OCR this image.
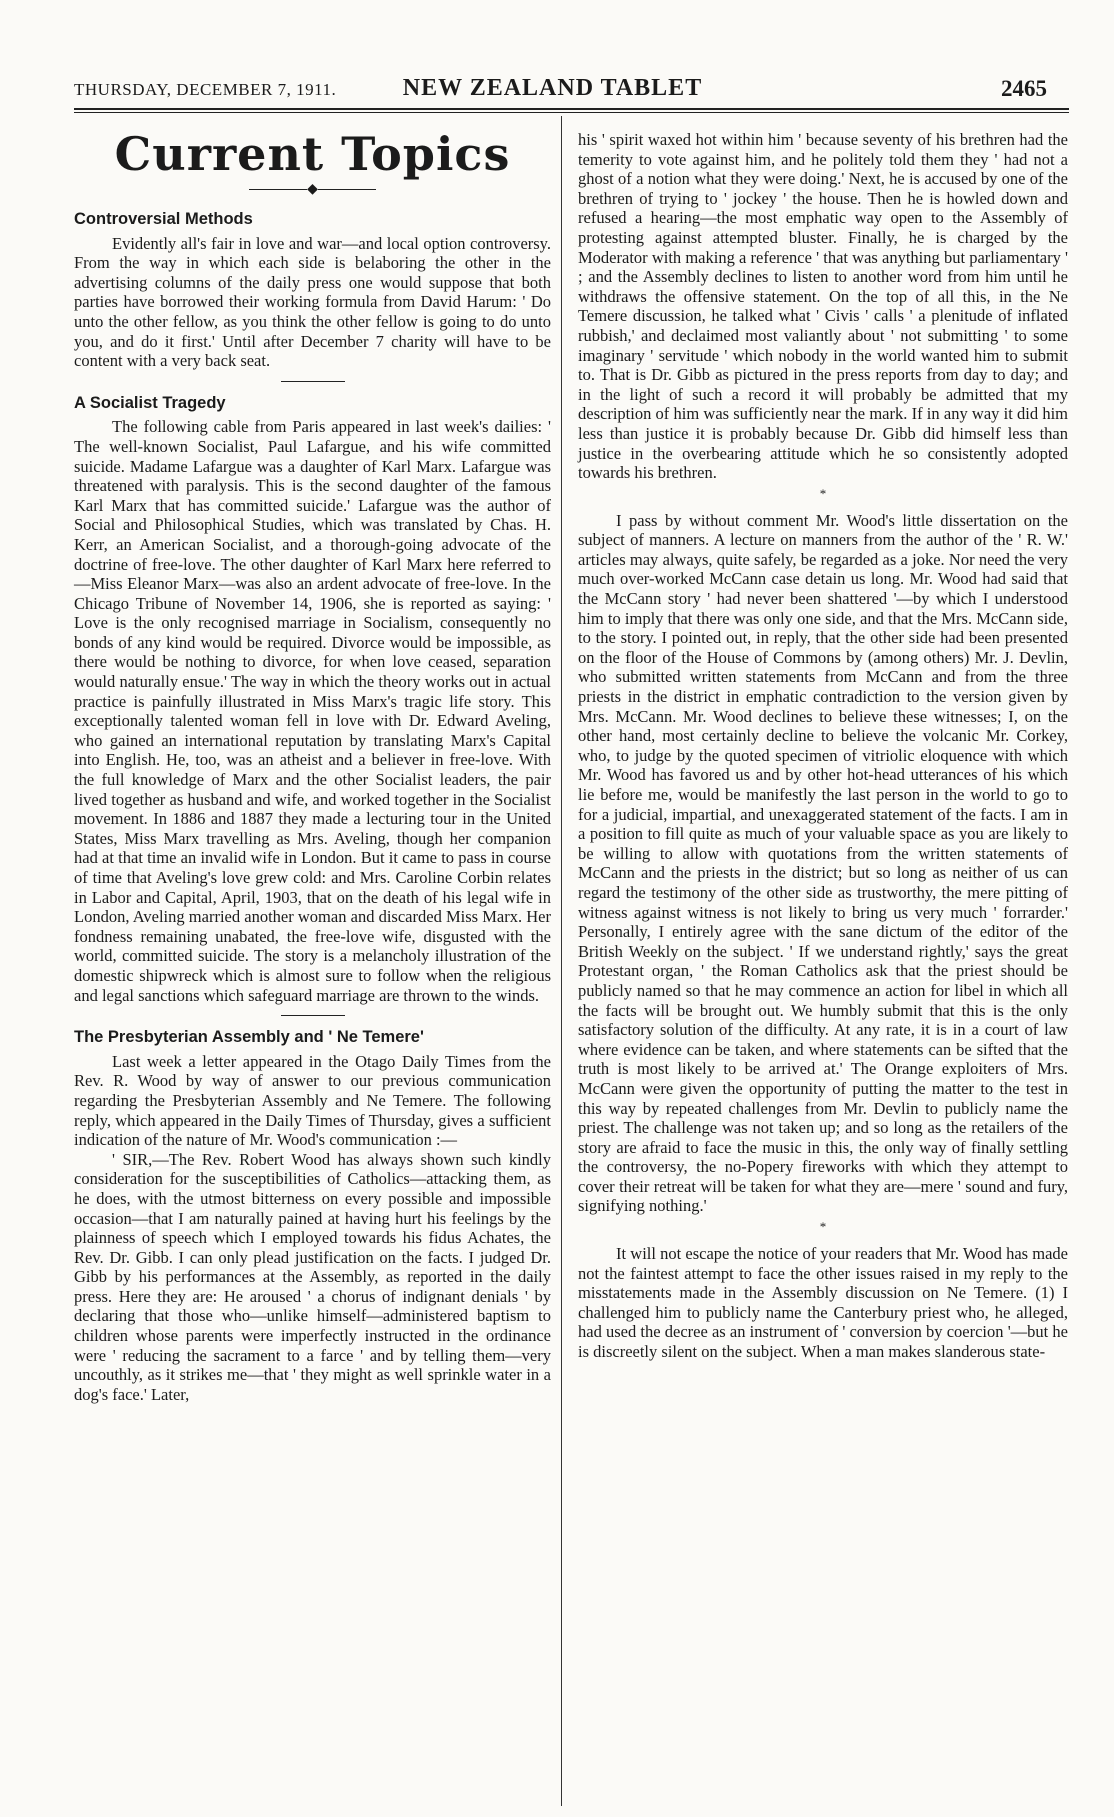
THURSDAY, DECEMBER 7, 1911.	NEW ZEALAND TABLET	2465
Current Topics
◆
Controversial Methods

Evidently all's fair in love and war—and local option controversy. From the way in which each side is belaboring the other in the advertising columns of the daily press one would suppose that both parties have borrowed their working formula from David Harum: ' Do unto the other fellow, as you think the other fellow is going to do unto you, and do it first.' Until after December 7 charity will have to be content with a very back seat.

A Socialist Tragedy

The following cable from Paris appeared in last week's dailies: ' The well-known Socialist, Paul Lafargue, and his wife committed suicide. Madame Lafargue was a daughter of Karl Marx. Lafargue was threatened with paralysis. This is the second daughter of the famous Karl Marx that has committed suicide.' Lafargue was the author of Social and Philosophical Studies, which was translated by Chas. H. Kerr, an American Socialist, and a thorough-going advocate of the doctrine of free-love. The other daughter of Karl Marx here referred to—Miss Eleanor Marx—was also an ardent advocate of free-love. In the Chicago Tribune of November 14, 1906, she is reported as saying: ' Love is the only recognised marriage in Socialism, consequently no bonds of any kind would be required. Divorce would be impossible, as there would be nothing to divorce, for when love ceased, separation would naturally ensue.' The way in which the theory works out in actual practice is painfully illustrated in Miss Marx's tragic life story. This exceptionally talented woman fell in love with Dr. Edward Aveling, who gained an international reputation by translating Marx's Capital into English. He, too, was an atheist and a believer in free-love. With the full knowledge of Marx and the other Socialist leaders, the pair lived together as husband and wife, and worked together in the Socialist movement. In 1886 and 1887 they made a lecturing tour in the United States, Miss Marx travelling as Mrs. Aveling, though her companion had at that time an invalid wife in London. But it came to pass in course of time that Aveling's love grew cold: and Mrs. Caroline Corbin relates in Labor and Capital, April, 1903, that on the death of his legal wife in London, Aveling married another woman and discarded Miss Marx. Her fondness remaining unabated, the free-love wife, disgusted with the world, committed suicide. The story is a melancholy illustration of the domestic shipwreck which is almost sure to follow when the religious and legal sanctions which safeguard marriage are thrown to the winds.

The Presbyterian Assembly and ' Ne Temere'

Last week a letter appeared in the Otago Daily Times from the Rev. R. Wood by way of answer to our previous communication regarding the Presbyterian Assembly and Ne Temere. The following reply, which appeared in the Daily Times of Thursday, gives a sufficient indication of the nature of Mr. Wood's communication :—

' SIR,—The Rev. Robert Wood has always shown such kindly consideration for the susceptibilities of Catholics—attacking them, as he does, with the utmost bitterness on every possible and impossible occasion—that I am naturally pained at having hurt his feelings by the plainness of speech which I employed towards his fidus Achates, the Rev. Dr. Gibb. I can only plead justification on the facts. I judged Dr. Gibb by his performances at the Assembly, as reported in the daily press. Here they are: He aroused ' a chorus of indignant denials ' by declaring that those who—unlike himself—administered baptism to children whose parents were imperfectly instructed in the ordinance were ' reducing the sacrament to a farce ' and by telling them—very uncouthly, as it strikes me—that ' they might as well sprinkle water in a dog's face.' Later,

his ' spirit waxed hot within him ' because seventy of his brethren had the temerity to vote against him, and he politely told them they ' had not a ghost of a notion what they were doing.' Next, he is accused by one of the brethren of trying to ' jockey ' the house. Then he is howled down and refused a hearing—the most emphatic way open to the Assembly of protesting against attempted bluster. Finally, he is charged by the Moderator with making a reference ' that was anything but parliamentary ' ; and the Assembly declines to listen to another word from him until he withdraws the offensive statement. On the top of all this, in the Ne Temere discussion, he talked what ' Civis ' calls ' a plenitude of inflated rubbish,' and declaimed most valiantly about ' not submitting ' to some imaginary ' servitude ' which nobody in the world wanted him to submit to. That is Dr. Gibb as pictured in the press reports from day to day; and in the light of such a record it will probably be admitted that my description of him was sufficiently near the mark. If in any way it did him less than justice it is probably because Dr. Gibb did himself less than justice in the overbearing attitude which he so consistently adopted towards his brethren.

*

I pass by without comment Mr. Wood's little dissertation on the subject of manners. A lecture on manners from the author of the ' R. W.' articles may always, quite safely, be regarded as a joke. Nor need the very much over-worked McCann case detain us long. Mr. Wood had said that the McCann story ' had never been shattered '—by which I understood him to imply that there was only one side, and that the Mrs. McCann side, to the story. I pointed out, in reply, that the other side had been presented on the floor of the House of Commons by (among others) Mr. J. Devlin, who submitted written statements from McCann and from the three priests in the district in emphatic contradiction to the version given by Mrs. McCann. Mr. Wood declines to believe these witnesses; I, on the other hand, most certainly decline to believe the volcanic Mr. Corkey, who, to judge by the quoted specimen of vitriolic eloquence with which Mr. Wood has favored us and by other hot-head utterances of his which lie before me, would be manifestly the last person in the world to go to for a judicial, impartial, and unexaggerated statement of the facts. I am in a position to fill quite as much of your valuable space as you are likely to be willing to allow with quotations from the written statements of McCann and the priests in the district; but so long as neither of us can regard the testimony of the other side as trustworthy, the mere pitting of witness against witness is not likely to bring us very much ' forrarder.' Personally, I entirely agree with the sane dictum of the editor of the British Weekly on the subject. ' If we understand rightly,' says the great Protestant organ, ' the Roman Catholics ask that the priest should be publicly named so that he may commence an action for libel in which all the facts will be brought out. We humbly submit that this is the only satisfactory solution of the difficulty. At any rate, it is in a court of law where evidence can be taken, and where statements can be sifted that the truth is most likely to be arrived at.' The Orange exploiters of Mrs. McCann were given the opportunity of putting the matter to the test in this way by repeated challenges from Mr. Devlin to publicly name the priest. The challenge was not taken up; and so long as the retailers of the story are afraid to face the music in this, the only way of finally settling the controversy, the no-Popery fireworks with which they attempt to cover their retreat will be taken for what they are—mere ' sound and fury, signifying nothing.'

*

It will not escape the notice of your readers that Mr. Wood has made not the faintest attempt to face the other issues raised in my reply to the misstatements made in the Assembly discussion on Ne Temere. (1) I challenged him to publicly name the Canterbury priest who, he alleged, had used the decree as an instrument of ' conversion by coercion '—but he is discreetly silent on the subject. When a man makes slanderous state-
